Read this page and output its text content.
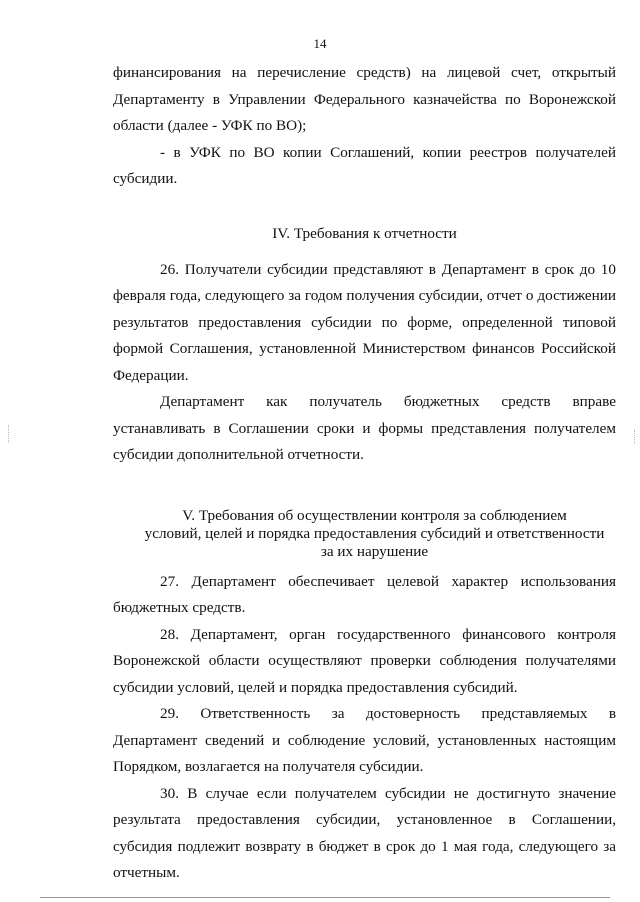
14

финансирования на перечисление средств) на лицевой счет, открытый Департаменту в Управлении Федерального казначейства по Воронежской области (далее - УФК по ВО);

- в УФК по ВО копии Соглашений, копии реестров получателей субсидии.

IV. Требования к отчетности

26. Получатели субсидии представляют в Департамент в срок до 10 февраля года, следующего за годом получения субсидии, отчет о достижении результатов предоставления субсидии по форме, определенной типовой формой Соглашения, установленной Министерством финансов Российской Федерации.

Департамент как получатель бюджетных средств вправе

устанавливать в Соглашении сроки и формы представления получателем субсидии дополнительной отчетности.

V. Требования об осуществлении контроля за соблюдением

условий, целей и порядка предоставления субсидий и ответственности

за их нарушение

27. Департамент обеспечивает целевой характер использования бюджетных средств.

28. Департамент, орган государственного финансового контроля Воронежской области осуществляют проверки соблюдения получателями субсидии условий, целей и порядка предоставления субсидий.

29. Ответственность за достоверность представляемых в Департамент сведений и соблюдение условий, установленных настоящим Порядком, возлагается на получателя субсидии.

30. В случае если получателем субсидии не достигнуто значение результата предоставления субсидии, установленное в Соглашении, субсидия подлежит возврату в бюджет в срок до 1 мая года, следующего за отчетным.
